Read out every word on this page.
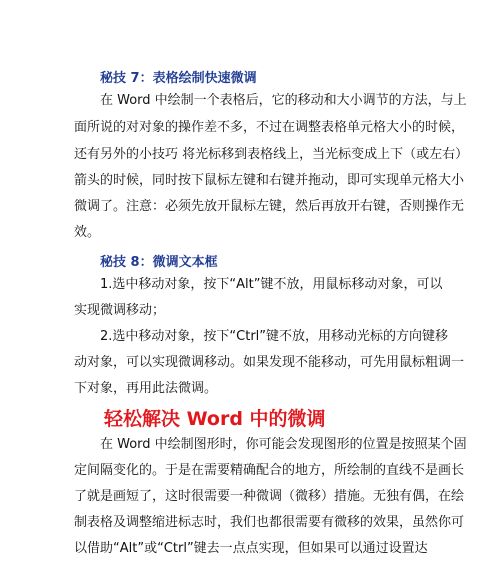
秘技 7：表格绘制快速微调
在 Word 中绘制一个表格后，它的移动和大小调节的方法，与上
面所说的对对象的操作差不多，不过在调整表格单元格大小的时候，
还有另外的小技巧 将光标移到表格线上，当光标变成上下（或左右）
箭头的时候，同时按下鼠标左键和右键并拖动，即可实现单元格大小
微调了。注意：必须先放开鼠标左键，然后再放开右键，否则操作无
效。
秘技 8：微调文本框
1.选中移动对象，按下“Alt”键不放，用鼠标移动对象，可以
实现微调移动；
2.选中移动对象，按下“Ctrl”键不放，用移动光标的方向键移
动对象，可以实现微调移动。如果发现不能移动，可先用鼠标粗调一
下对象，再用此法微调。
轻松解决 Word 中的微调
在 Word 中绘制图形时，你可能会发现图形的位置是按照某个固
定间隔变化的。于是在需要精确配合的地方，所绘制的直线不是画长
了就是画短了，这时很需要一种微调（微移）措施。无独有偶，在绘
制表格及调整缩进标志时，我们也都很需要有微移的效果，虽然你可
以借助“Alt”或“Ctrl”键去一点点实现，但如果可以通过设置达
